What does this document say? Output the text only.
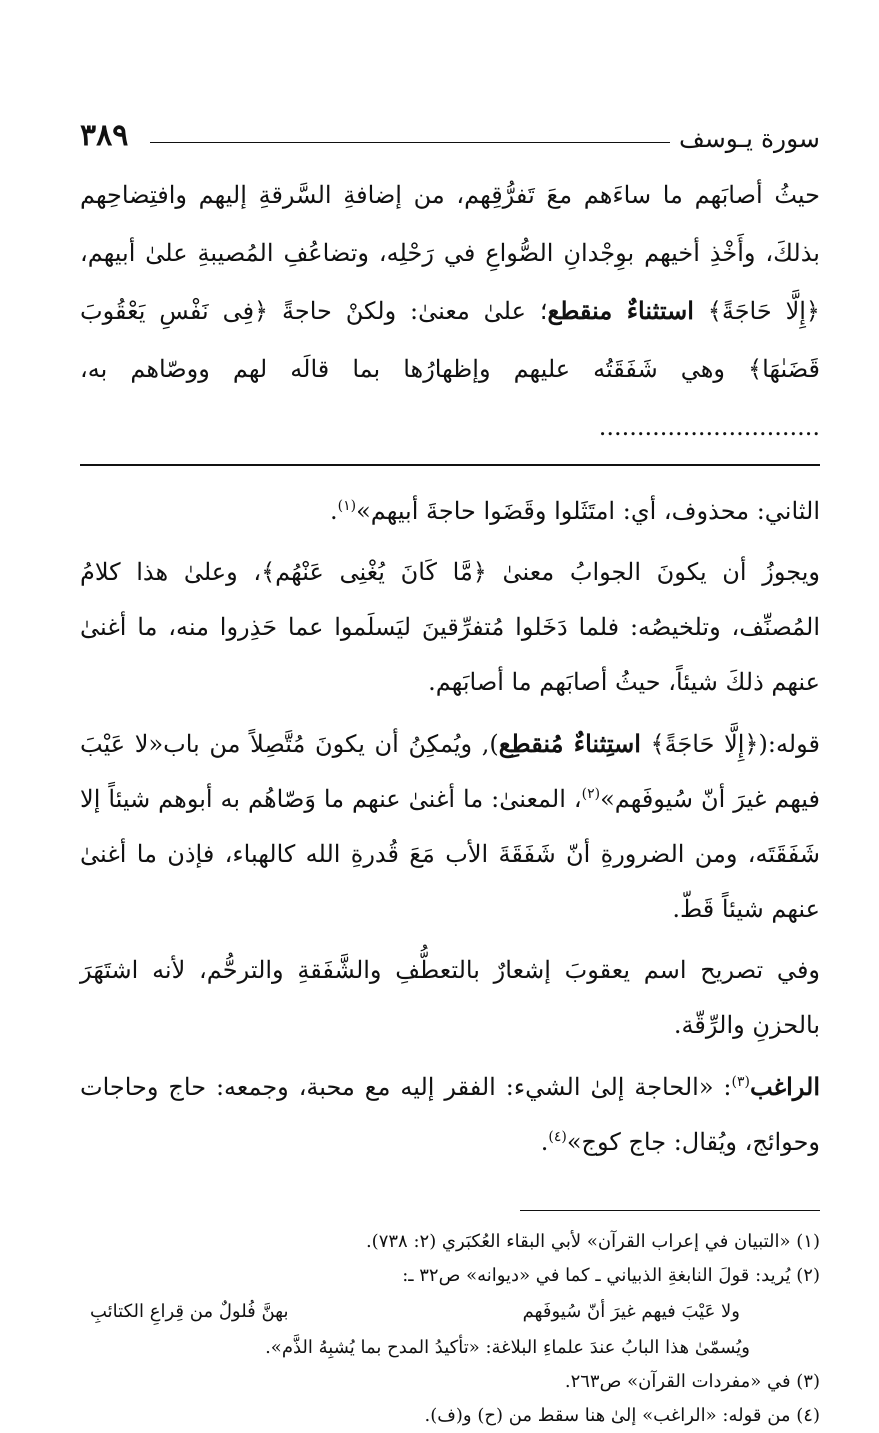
سورة يـوسف
٣٨٩

حيثُ أصابَهم ما ساءَهم معَ تَفرُّقِهم، من إضافةِ السَّرقةِ إليهم وافتِضاحِهم بذلكَ، وأَخْذِ أخيهم بوِجْدانِ الصُّواعِ في رَحْلِه، وتضاعُفِ المُصيبةِ علىٰ أبيهم، ﴿إِلَّا حَاجَةً﴾ استثناءٌ منقطع؛ علىٰ معنىٰ: ولكنْ حاجةً ﴿فِى نَفْسِ يَعْقُوبَ قَضَىٰهَا﴾ وهي شَفَقَتُه عليهم وإظهارُها بما قالَه لهم ووصّاهم به، .............................

الثاني: محذوف، أي: امتَثَلوا وقَضَوا حاجةَ أبيهم»$^{(١)}$.

ويجوزُ أن يكونَ الجوابُ معنىٰ ﴿مَّا كَانَ يُغْنِى عَنْهُم﴾، وعلىٰ هذا كلامُ المُصنِّف، وتلخيصُه: فلما دَخَلوا مُتفرِّقينَ ليَسلَموا عما حَذِروا منه، ما أغنىٰ عنهم ذلكَ شيئاً، حيثُ أصابَهم ما أصابَهم.

قوله:(﴿إِلَّا حَاجَةً﴾ استِثناءٌ مُنقطِع), ويُمكِنُ أن يكونَ مُتَّصِلاً من باب«لا عَيْبَ فيهم غيرَ أنّ سُيوفَهم»$^{(٢)}$، المعنىٰ: ما أغنىٰ عنهم ما وَصّاهُم به أبوهم شيئاً إلا شَفَقَتَه، ومن الضرورةِ أنّ شَفَقَةَ الأب مَعَ قُدرةِ الله كالهباء، فإذن ما أغنىٰ عنهم شيئاً قَطّ.

وفي تصريح اسم يعقوبَ إشعارٌ بالتعطُّفِ والشَّفَقةِ والترحُّم، لأنه اشتَهَرَ بالحزنِ والرِّقّة.

الراغب$^{(٣)}$: «الحاجة إلىٰ الشيء: الفقر إليه مع محبة، وجمعه: حاج وحاجات وحوائج، ويُقال: جاج كوج»$^{(٤)}$.

(١) «التبيان في إعراب القرآن» لأبي البقاء العُكبَري (٢: ٧٣٨).

(٢) يُريد: قولَ النابغةِ الذبياني ـ كما في «ديوانه» ص٣٢ ـ:

ولا عَيْبَ فيهم غيرَ أنّ سُيوفَهم
بهنَّ فُلولٌ من قِراعِ الكتائبِ

ويُسمّىٰ هذا البابُ عندَ علماءِ البلاغة: «تأكيدُ المدح بما يُشبِهُ الذَّم».

(٣) في «مفردات القرآن» ص٢٦٣.

(٤) من قوله: «الراغب» إلىٰ هنا سقط من (ح) و(ف).
